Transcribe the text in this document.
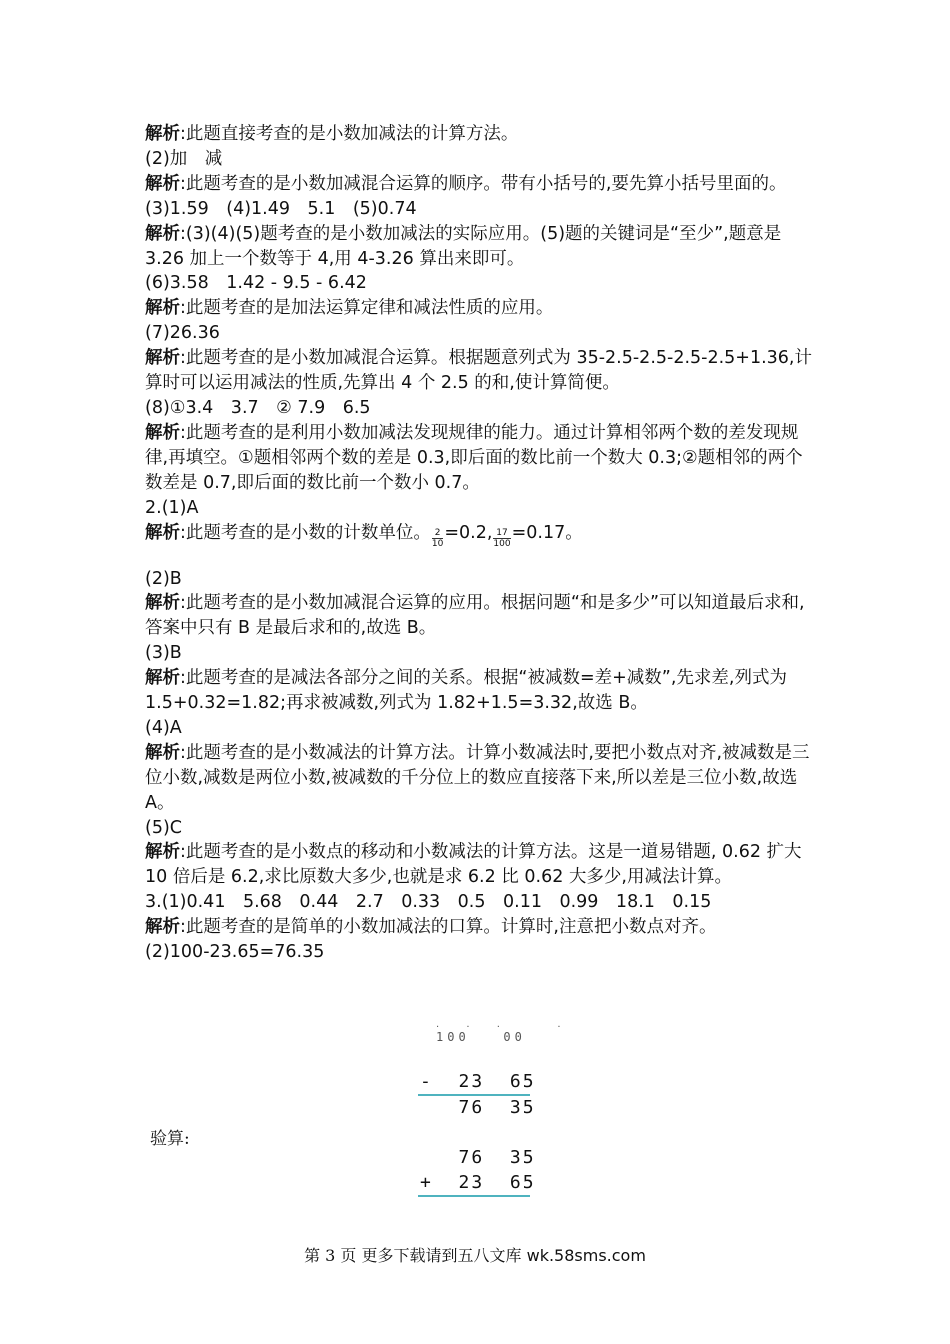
解析:此题直接考查的是小数加减法的计算方法。
(2)加　减
解析:此题考查的是小数加减混合运算的顺序。带有小括号的,要先算小括号里面的。
(3)1.59　(4)1.49　5.1　(5)0.74
解析:(3)(4)(5)题考查的是小数加减法的实际应用。(5)题的关键词是“至少”,题意是 3.26 加上一个数等于 4,用 4-3.26 算出来即可。
(6)3.58　1.42 - 9.5 - 6.42
解析:此题考查的是加法运算定律和减法性质的应用。
(7)26.36
解析:此题考查的是小数加减混合运算。根据题意列式为 35-2.5-2.5-2.5-2.5+1.36,计算时可以运用减法的性质,先算出 4 个 2.5 的和,使计算简便。
(8)①3.4　3.7　② 7.9　6.5
解析:此题考查的是利用小数加减法发现规律的能力。通过计算相邻两个数的差发现规律,再填空。①题相邻两个数的差是 0.3,即后面的数比前一个数大 0.3;②题相邻的两个数差是 0.7,即后面的数比前一个数小 0.7。
2.(1)A
解析:此题考查的是小数的计数单位。 $\frac{2}{10} =0.2$, $\frac{17}{100} =0.17$。
(2)B
解析:此题考查的是小数加减混合运算的应用。根据问题“和是多少”可以知道最后求和,答案中只有 B 是最后求和的,故选 B。
(3)B
解析:此题考查的是减法各部分之间的关系。根据“被减数=差+减数”,先求差,列式为 1.5+0.32=1.82;再求被减数,列式为 1.82+1.5=3.32,故选 B。
(4)A
解析:此题考查的是小数减法的计算方法。计算小数减法时,要把小数点对齐,被减数是三位小数,减数是两位小数,被减数的千分位上的数应直接落下来,所以差是三位小数,故选 A。
(5)C
解析:此题考查的是小数点的移动和小数减法的计算方法。这是一道易错题, 0.62 扩大 10 倍后是 6.2,求比原数大多少,也就是求 6.2 比 0.62 大多少,用减法计算。
3.(1)0.41　5.68　0.44　2.7　0.33　0.5　0.11　0.99　18.1　0.15
解析:此题考查的是简单的小数加减法的口算。计算时,注意把小数点对齐。
(2)100-23.65=76.35
· · ·   ·
100   00
-  23  65
76  35
验算:
76  35
+  23  65
第 3 页 更多下载请到五八文库 wk.58sms.com
